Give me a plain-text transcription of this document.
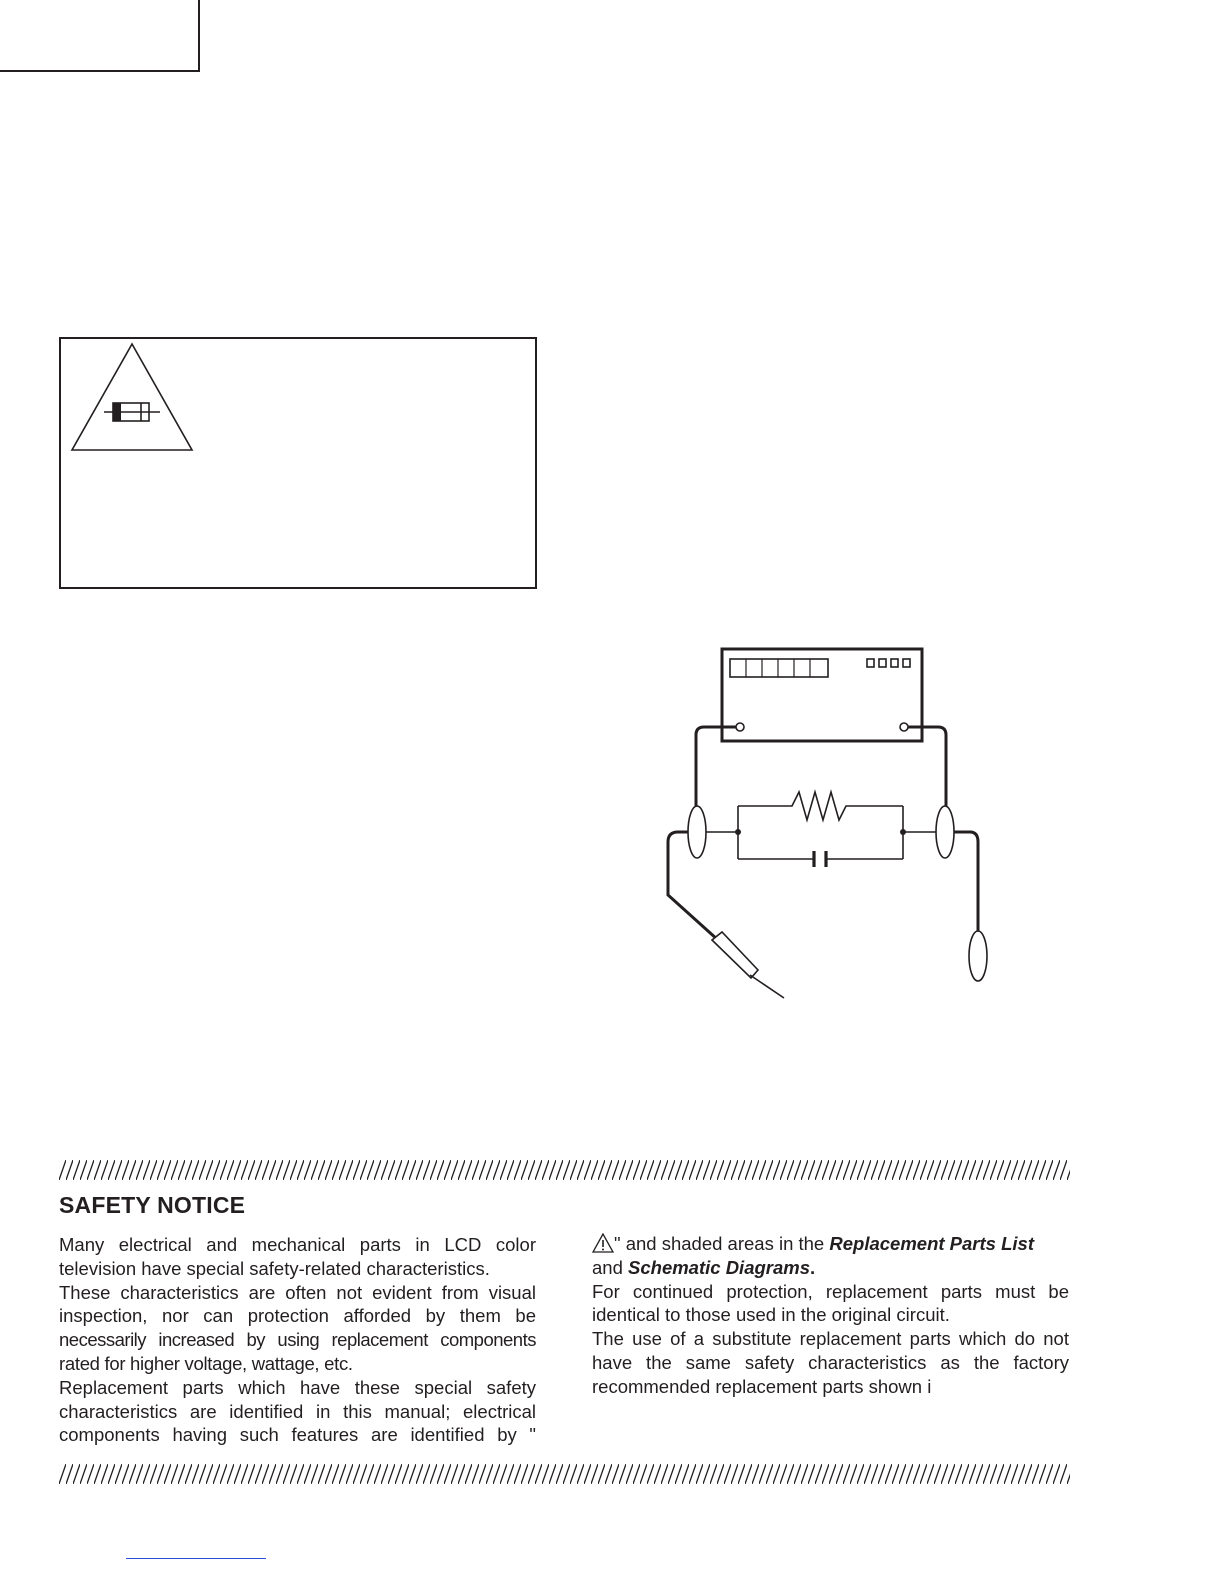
SAFETY NOTICE
Many electrical and mechanical parts in LCD color
television have special safety-related characteristics.
These characteristics are often not evident from visual
inspection, nor can protection afforded by them be
necessarily increased by using replacement components
rated for higher voltage, wattage, etc.
Replacement parts which have these special safety
characteristics are identified in this manual; electrical
components having such features are identified by "
" and shaded areas in the Replacement Parts List
and Schematic Diagrams.
For continued protection, replacement parts must be
identical to those used in the original circuit.
The use of a substitute replacement parts which do not
have the same safety characteristics as the factory
recommended replacement parts shown i
